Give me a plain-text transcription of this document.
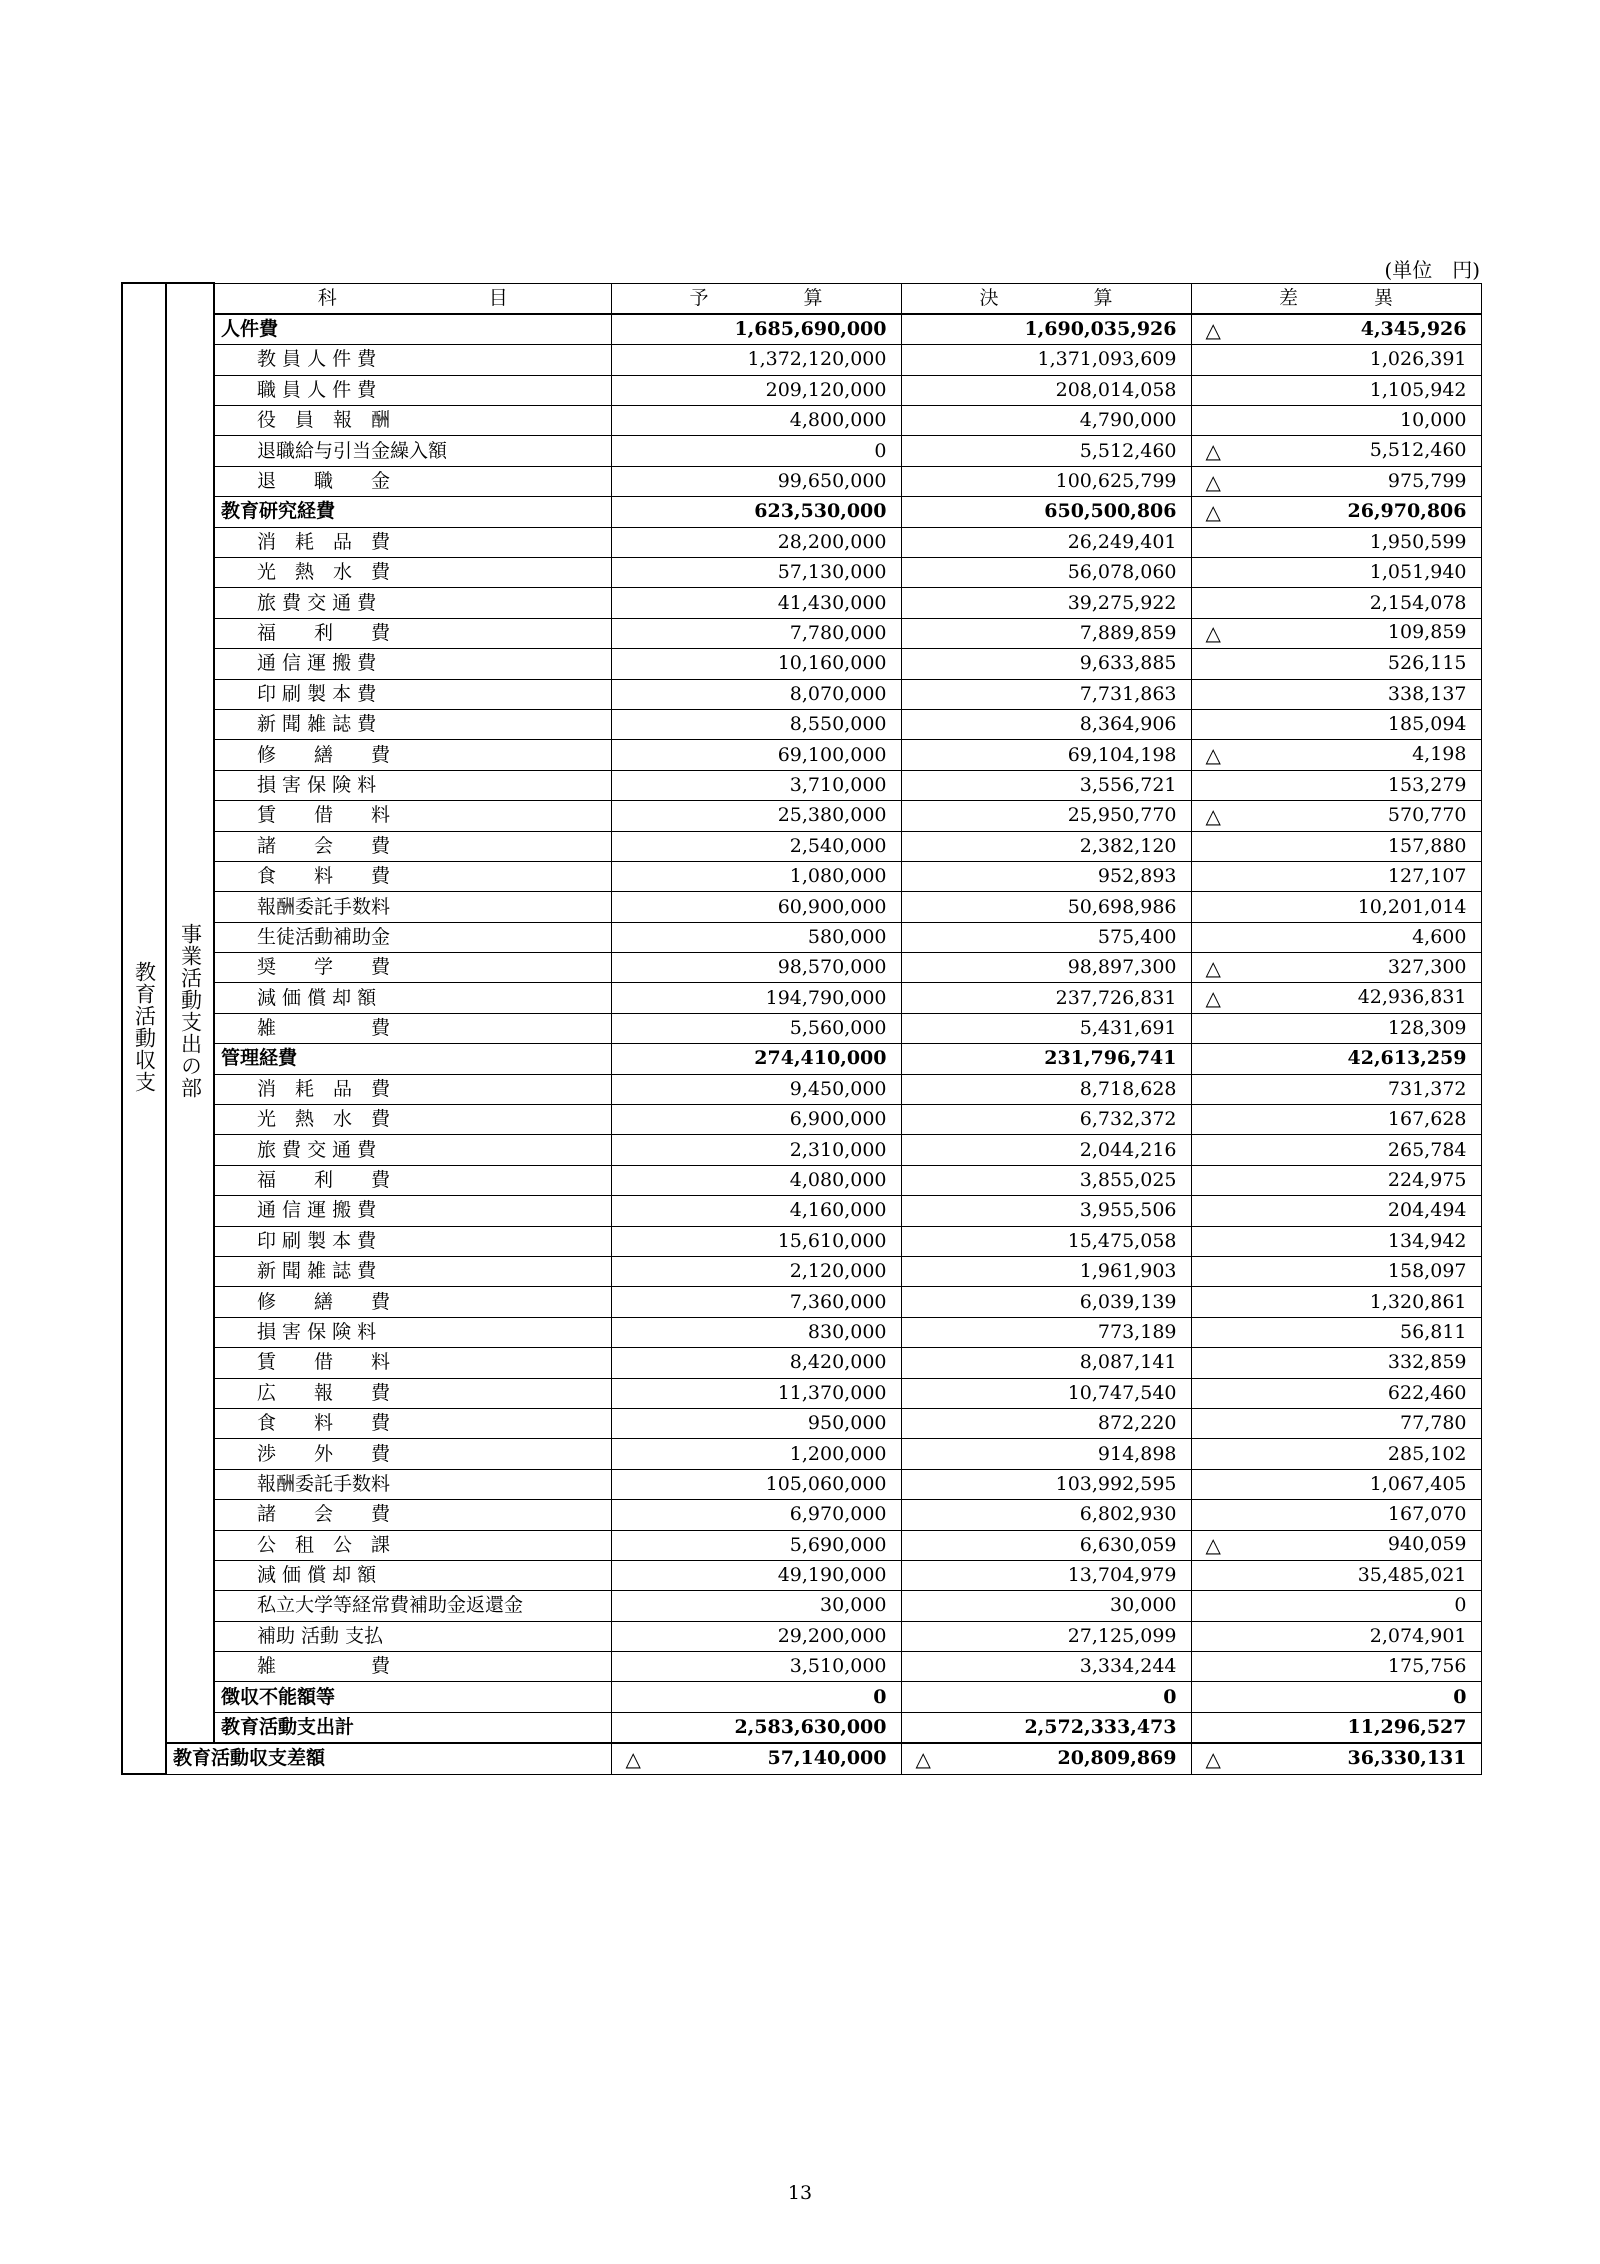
(単位　円)
教育活動収支	事業活動支出の部	科　　　　　　　　目	予　　　　　算	決　　　　　算	差　　　　異
		人件費	1,685,690,000	1,690,035,926	△ 4,345,926

		教 員 人 件 費	1,372,120,000	1,371,093,609	1,026,391

		職 員 人 件 費	209,120,000	208,014,058	1,105,942

		役　員　報　酬	4,800,000	4,790,000	10,000

		退職給与引当金繰入額	0	5,512,460	△ 5,512,460

		退　　職　　金	99,650,000	100,625,799	△ 975,799

		教育研究経費	623,530,000	650,500,806	△ 26,970,806

		消　耗　品　費	28,200,000	26,249,401	1,950,599

		光　熱　水　費	57,130,000	56,078,060	1,051,940

		旅 費 交 通 費	41,430,000	39,275,922	2,154,078

		福　　利　　費	7,780,000	7,889,859	△ 109,859

		通 信 運 搬 費	10,160,000	9,633,885	526,115

		印 刷 製 本 費	8,070,000	7,731,863	338,137

		新 聞 雑 誌 費	8,550,000	8,364,906	185,094

		修　　繕　　費	69,100,000	69,104,198	△ 4,198

		損 害 保 険 料	3,710,000	3,556,721	153,279

		賃　　借　　料	25,380,000	25,950,770	△ 570,770

		諸　　会　　費	2,540,000	2,382,120	157,880

		食　　料　　費	1,080,000	952,893	127,107

		報酬委託手数料	60,900,000	50,698,986	10,201,014

		生徒活動補助金	580,000	575,400	4,600

		奨　　学　　費	98,570,000	98,897,300	△ 327,300

		減 価 償 却 額	194,790,000	237,726,831	△ 42,936,831

		雑　　　　　費	5,560,000	5,431,691	128,309

		管理経費	274,410,000	231,796,741	42,613,259

		消　耗　品　費	9,450,000	8,718,628	731,372

		光　熱　水　費	6,900,000	6,732,372	167,628

		旅 費 交 通 費	2,310,000	2,044,216	265,784

		福　　利　　費	4,080,000	3,855,025	224,975

		通 信 運 搬 費	4,160,000	3,955,506	204,494

		印 刷 製 本 費	15,610,000	15,475,058	134,942

		新 聞 雑 誌 費	2,120,000	1,961,903	158,097

		修　　繕　　費	7,360,000	6,039,139	1,320,861

		損 害 保 険 料	830,000	773,189	56,811

		賃　　借　　料	8,420,000	8,087,141	332,859

		広　　報　　費	11,370,000	10,747,540	622,460

		食　　料　　費	950,000	872,220	77,780

		渉　　外　　費	1,200,000	914,898	285,102

		報酬委託手数料	105,060,000	103,992,595	1,067,405

		諸　　会　　費	6,970,000	6,802,930	167,070

		公　租　公　課	5,690,000	6,630,059	△ 940,059

		減 価 償 却 額	49,190,000	13,704,979	35,485,021

		私立大学等経常費補助金返還金	30,000	30,000	0

		補助 活動 支払	29,200,000	27,125,099	2,074,901

		雑　　　　　費	3,510,000	3,334,244	175,756

		徴収不能額等	0	0	0

		教育活動支出計	2,583,630,000	2,572,333,473	11,296,527

	教育活動収支差額		△ 57,140,000	△ 20,809,869	△ 36,330,131
13
